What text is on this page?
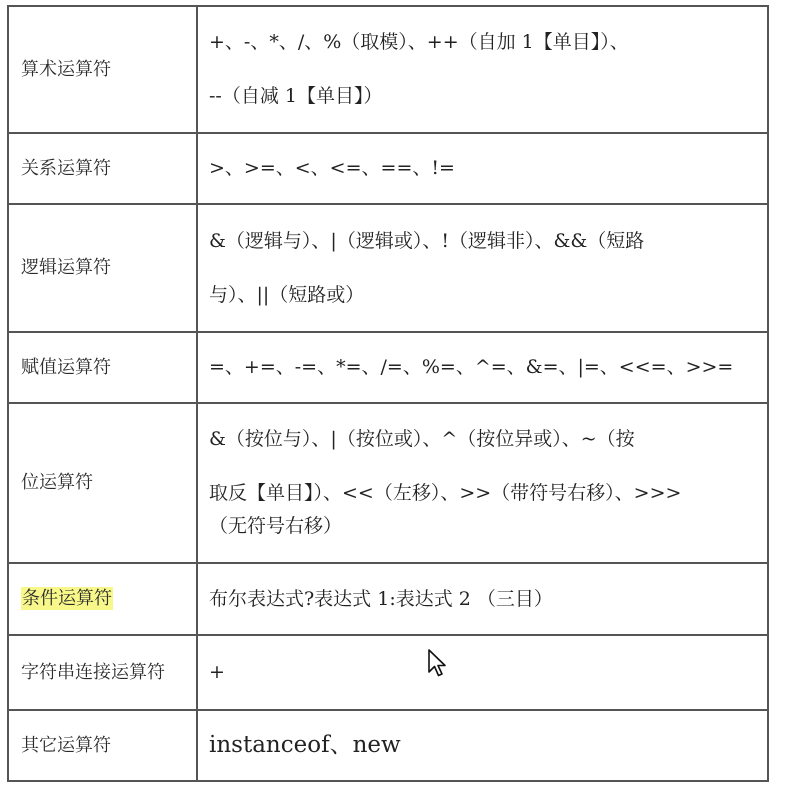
算术运算符	+、-、*、/、%（取模）、++（自加 1【单目】）、
--（自减 1【单目】）

关系运算符	>、>=、<、<=、==、!=

逻辑运算符	&（逻辑与）、|（逻辑或）、!（逻辑非）、&&（短路
与）、||（短路或）

赋值运算符	=、+=、-=、*=、/=、%=、^=、&=、|=、<<=、>>=

位运算符	&（按位与）、|（按位或）、^（按位异或）、~（按
取反【单目】）、<<（左移）、>>（带符号右移）、>>>
（无符号右移）

条件运算符	布尔表达式?表达式 1:表达式 2 （三目）

字符串连接运算符	+

其它运算符	instanceof、new
